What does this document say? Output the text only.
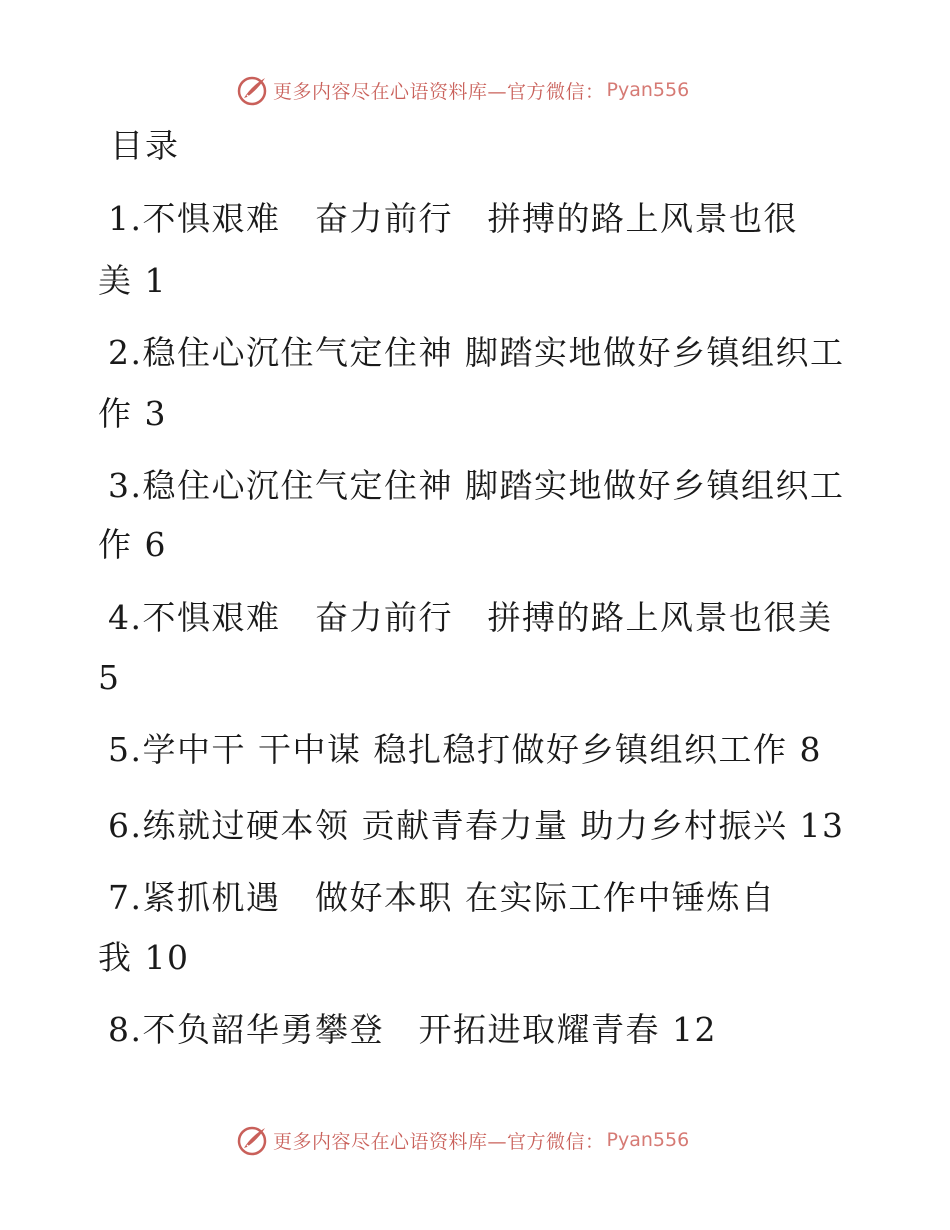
更多内容尽在心语资料库—官方微信： Pyan556
目录
1.不惧艰难　奋力前行　拼搏的路上风景也很
美 1
2.稳住心沉住气定住神 脚踏实地做好乡镇组织工
作 3
3.稳住心沉住气定住神 脚踏实地做好乡镇组织工
作 6
4.不惧艰难　奋力前行　拼搏的路上风景也很美
5
5.学中干 干中谋 稳扎稳打做好乡镇组织工作 8
6.练就过硬本领 贡献青春力量 助力乡村振兴 13
7.紧抓机遇　做好本职 在实际工作中锤炼自
我 10
8.不负韶华勇攀登　开拓进取耀青春 12
更多内容尽在心语资料库—官方微信： Pyan556
